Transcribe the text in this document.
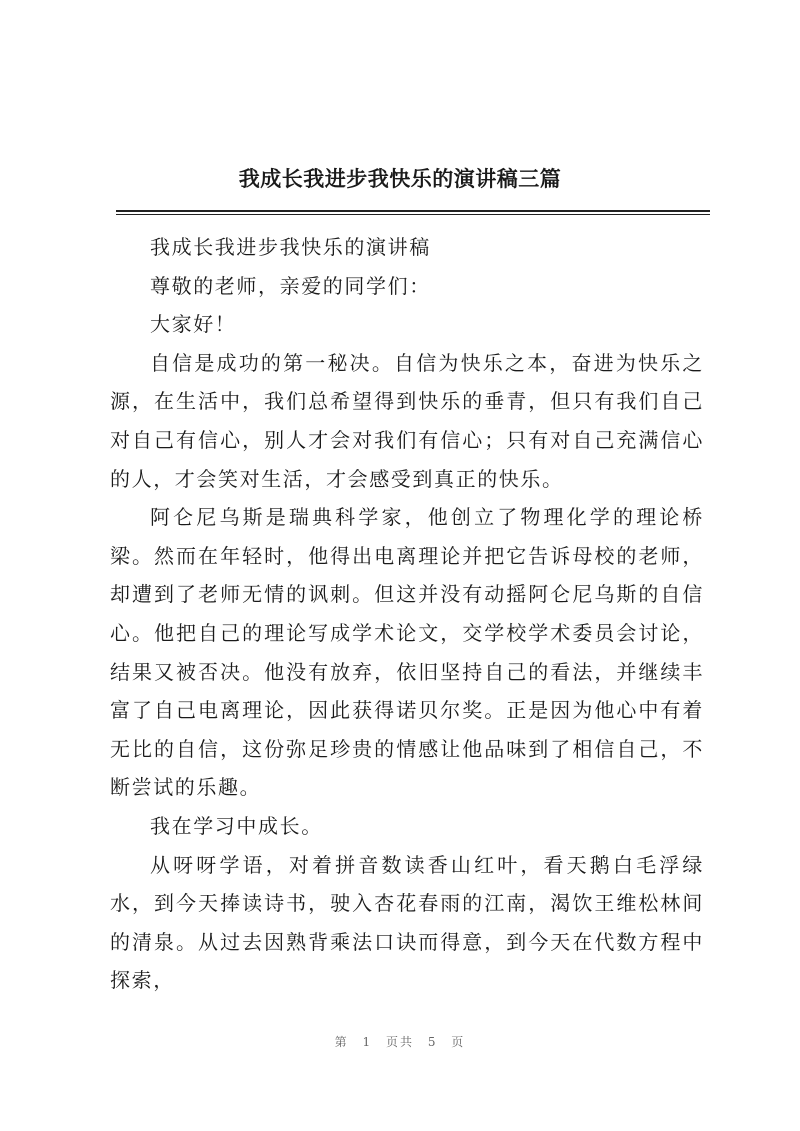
我成长我进步我快乐的演讲稿三篇

我成长我进步我快乐的演讲稿

尊敬的老师，亲爱的同学们：

大家好！

自信是成功的第一秘决。自信为快乐之本，奋进为快乐之源，在生活中，我们总希望得到快乐的垂青，但只有我们自己对自己有信心，别人才会对我们有信心；只有对自己充满信心的人，才会笑对生活，才会感受到真正的快乐。

阿仑尼乌斯是瑞典科学家，他创立了物理化学的理论桥梁。然而在年轻时，他得出电离理论并把它告诉母校的老师，却遭到了老师无情的讽刺。但这并没有动摇阿仑尼乌斯的自信心。他把自己的理论写成学术论文，交学校学术委员会讨论，结果又被否决。他没有放弃，依旧坚持自己的看法，并继续丰富了自己电离理论，因此获得诺贝尔奖。正是因为他心中有着无比的自信，这份弥足珍贵的情感让他品味到了相信自己，不断尝试的乐趣。

我在学习中成长。

从呀呀学语，对着拼音数读香山红叶，看天鹅白毛浮绿水，到今天捧读诗书，驶入杏花春雨的江南，渴饮王维松林间的清泉。从过去因熟背乘法口诀而得意，到今天在代数方程中探索，

第 1 页共 5 页
